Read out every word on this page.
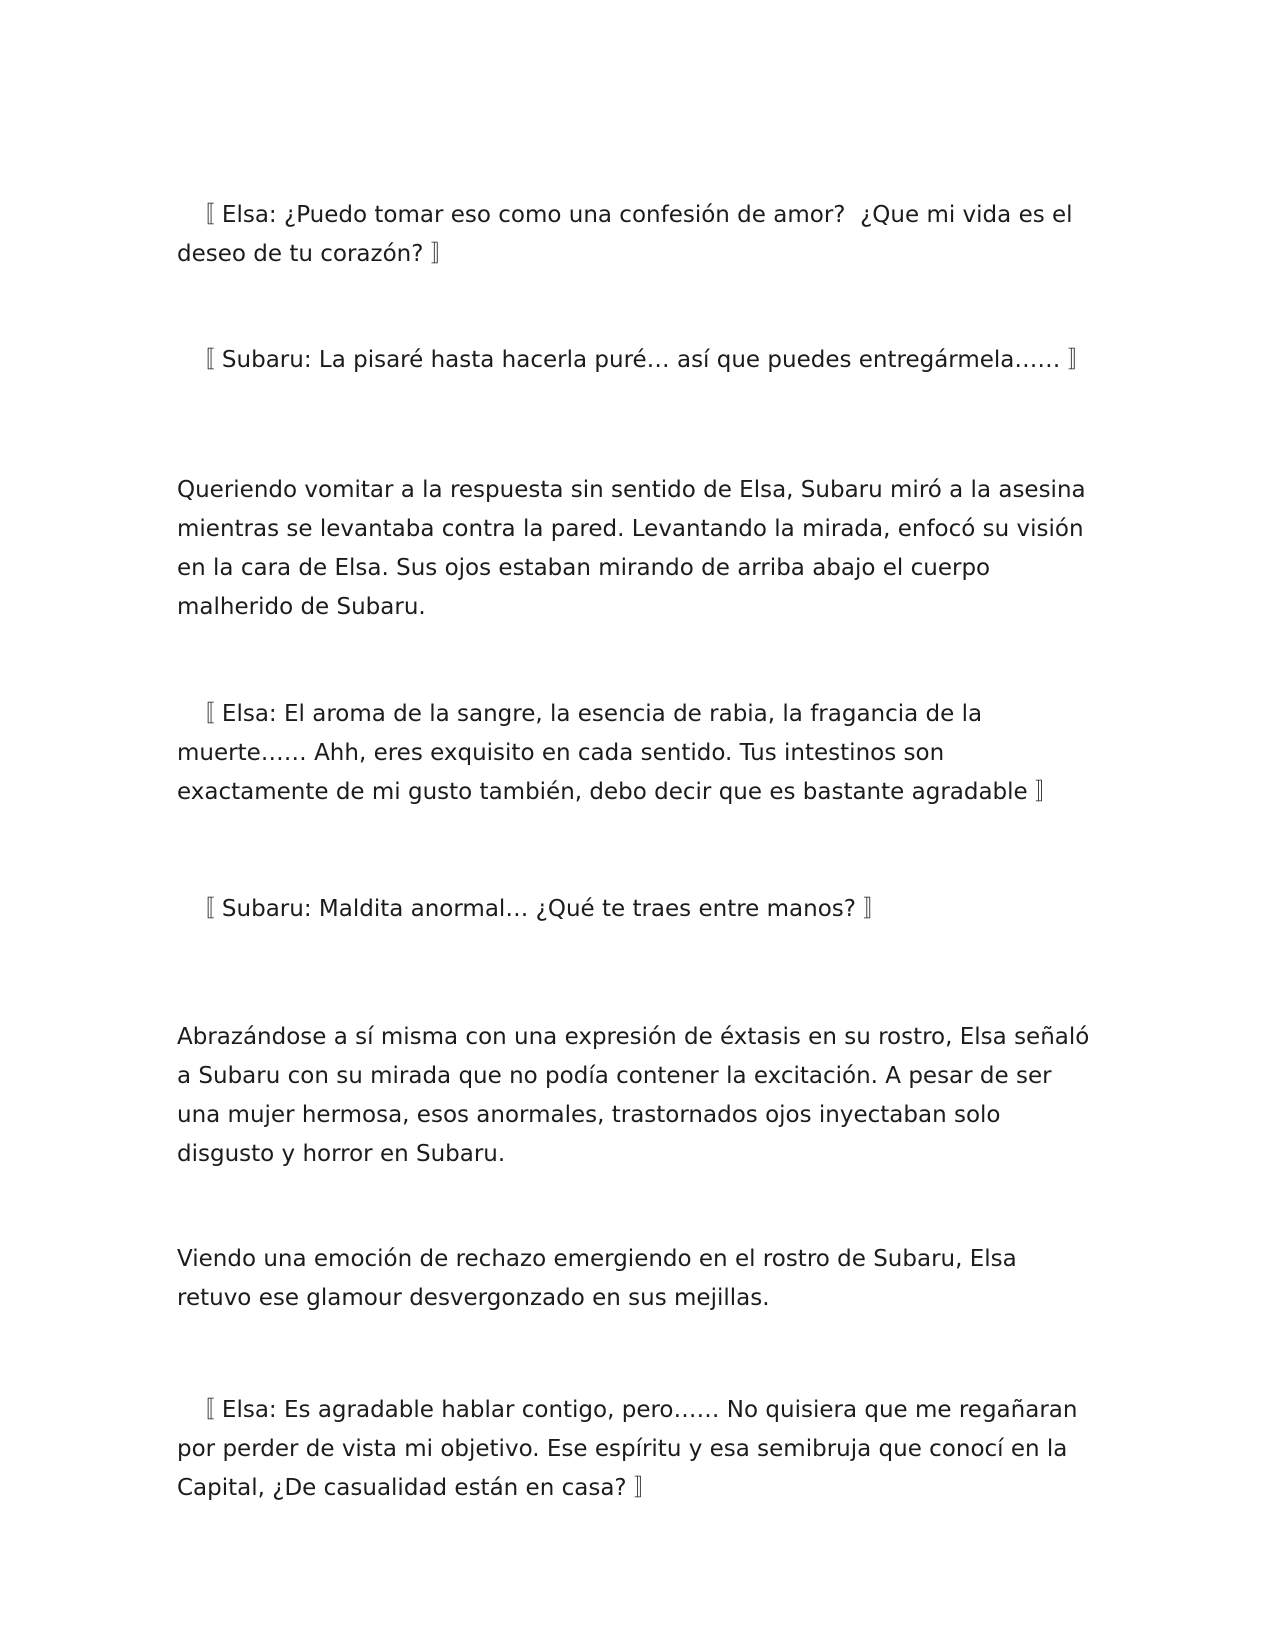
〚 Elsa: ¿Puedo tomar eso como una confesión de amor?  ¿Que mi vida es el deseo de tu corazón? 〛

〚 Subaru: La pisaré hasta hacerla puré… así que puedes entregármela…… 〛

Queriendo vomitar a la respuesta sin sentido de Elsa, Subaru miró a la asesina mientras se levantaba contra la pared. Levantando la mirada, enfocó su visión en la cara de Elsa. Sus ojos estaban mirando de arriba abajo el cuerpo malherido de Subaru.

〚 Elsa: El aroma de la sangre, la esencia de rabia, la fragancia de la muerte…… Ahh, eres exquisito en cada sentido. Tus intestinos son exactamente de mi gusto también, debo decir que es bastante agradable 〛

〚 Subaru: Maldita anormal… ¿Qué te traes entre manos? 〛

Abrazándose a sí misma con una expresión de éxtasis en su rostro, Elsa señaló a Subaru con su mirada que no podía contener la excitación. A pesar de ser una mujer hermosa, esos anormales, trastornados ojos inyectaban solo disgusto y horror en Subaru.

Viendo una emoción de rechazo emergiendo en el rostro de Subaru, Elsa retuvo ese glamour desvergonzado en sus mejillas.

〚 Elsa: Es agradable hablar contigo, pero…… No quisiera que me regañaran por perder de vista mi objetivo. Ese espíritu y esa semibruja que conocí en la Capital, ¿De casualidad están en casa? 〛
